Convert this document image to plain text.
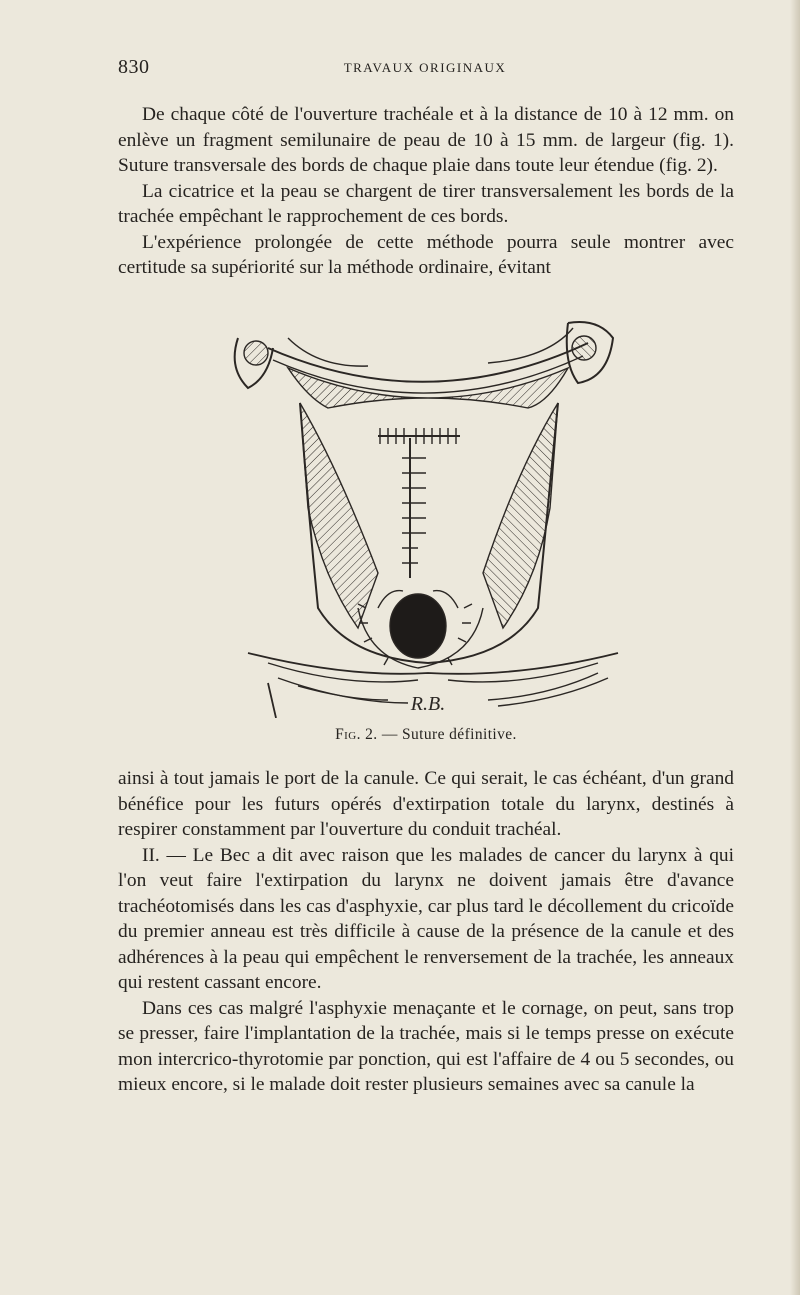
830	TRAVAUX ORIGINAUX

De chaque côté de l'ouverture trachéale et à la distance de 10 à 12 mm. on enlève un fragment semilunaire de peau de 10 à 15 mm. de largeur (fig. 1). Suture transversale des bords de chaque plaie dans toute leur étendue (fig. 2).

La cicatrice et la peau se chargent de tirer transversalement les bords de la trachée empêchant le rapprochement de ces bords.

L'expérience prolongée de cette méthode pourra seule montrer avec certitude sa supériorité sur la méthode ordinaire, évitant

R.B.
Fig. 2. — Suture définitive.

ainsi à tout jamais le port de la canule. Ce qui serait, le cas échéant, d'un grand bénéfice pour les futurs opérés d'extirpation totale du larynx, destinés à respirer constamment par l'ouverture du conduit trachéal.

II. — Le Bec a dit avec raison que les malades de cancer du larynx à qui l'on veut faire l'extirpation du larynx ne doivent jamais être d'avance trachéotomisés dans les cas d'asphyxie, car plus tard le décollement du cricoïde du premier anneau est très difficile à cause de la présence de la canule et des adhérences à la peau qui empêchent le renversement de la trachée, les anneaux qui restent cassant encore.

Dans ces cas malgré l'asphyxie menaçante et le cornage, on peut, sans trop se presser, faire l'implantation de la trachée, mais si le temps presse on exécute mon intercrico-thyrotomie par ponction, qui est l'affaire de 4 ou 5 secondes, ou mieux encore, si le malade doit rester plusieurs semaines avec sa canule la
